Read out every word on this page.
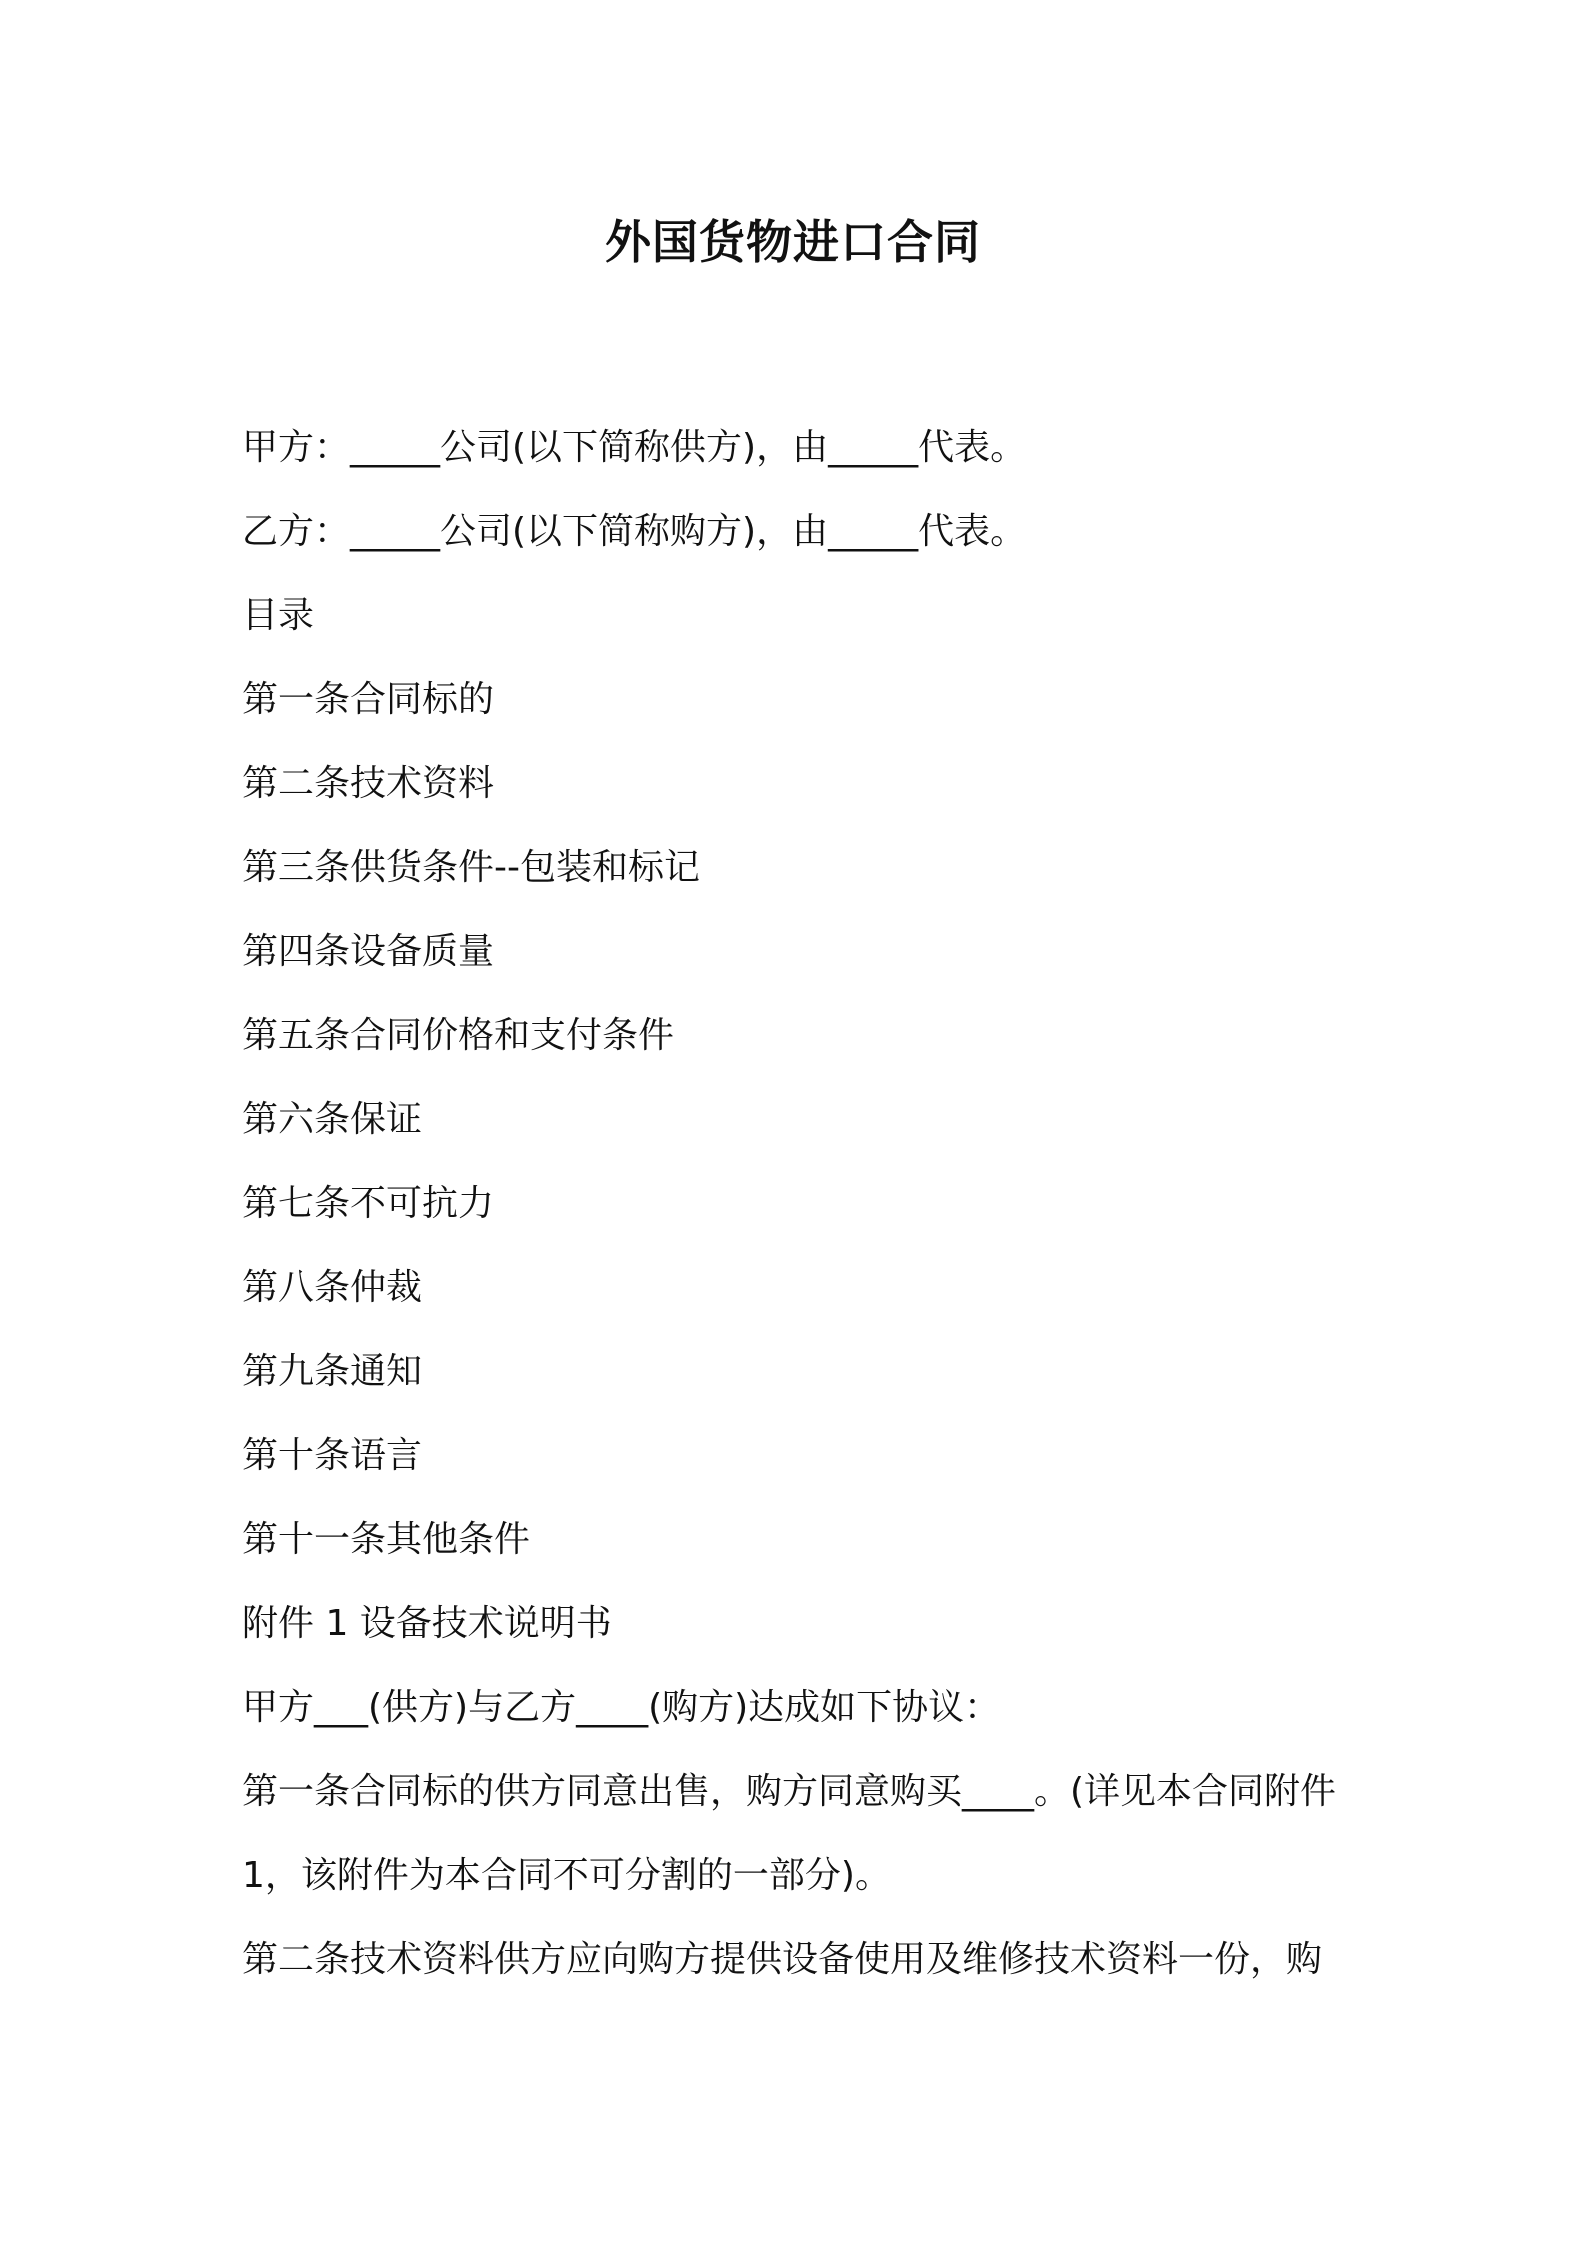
外国货物进口合同

甲方：_____公司(以下简称供方)，由_____代表。

乙方：_____公司(以下简称购方)，由_____代表。

目录

第一条合同标的

第二条技术资料

第三条供货条件--包装和标记

第四条设备质量

第五条合同价格和支付条件

第六条保证

第七条不可抗力

第八条仲裁

第九条通知

第十条语言

第十一条其他条件

附件 1 设备技术说明书

甲方___(供方)与乙方____(购方)达成如下协议：

第一条合同标的供方同意出售，购方同意购买____。(详见本合同附件 1，该附件为本合同不可分割的一部分)。

第二条技术资料供方应向购方提供设备使用及维修技术资料一份，购
